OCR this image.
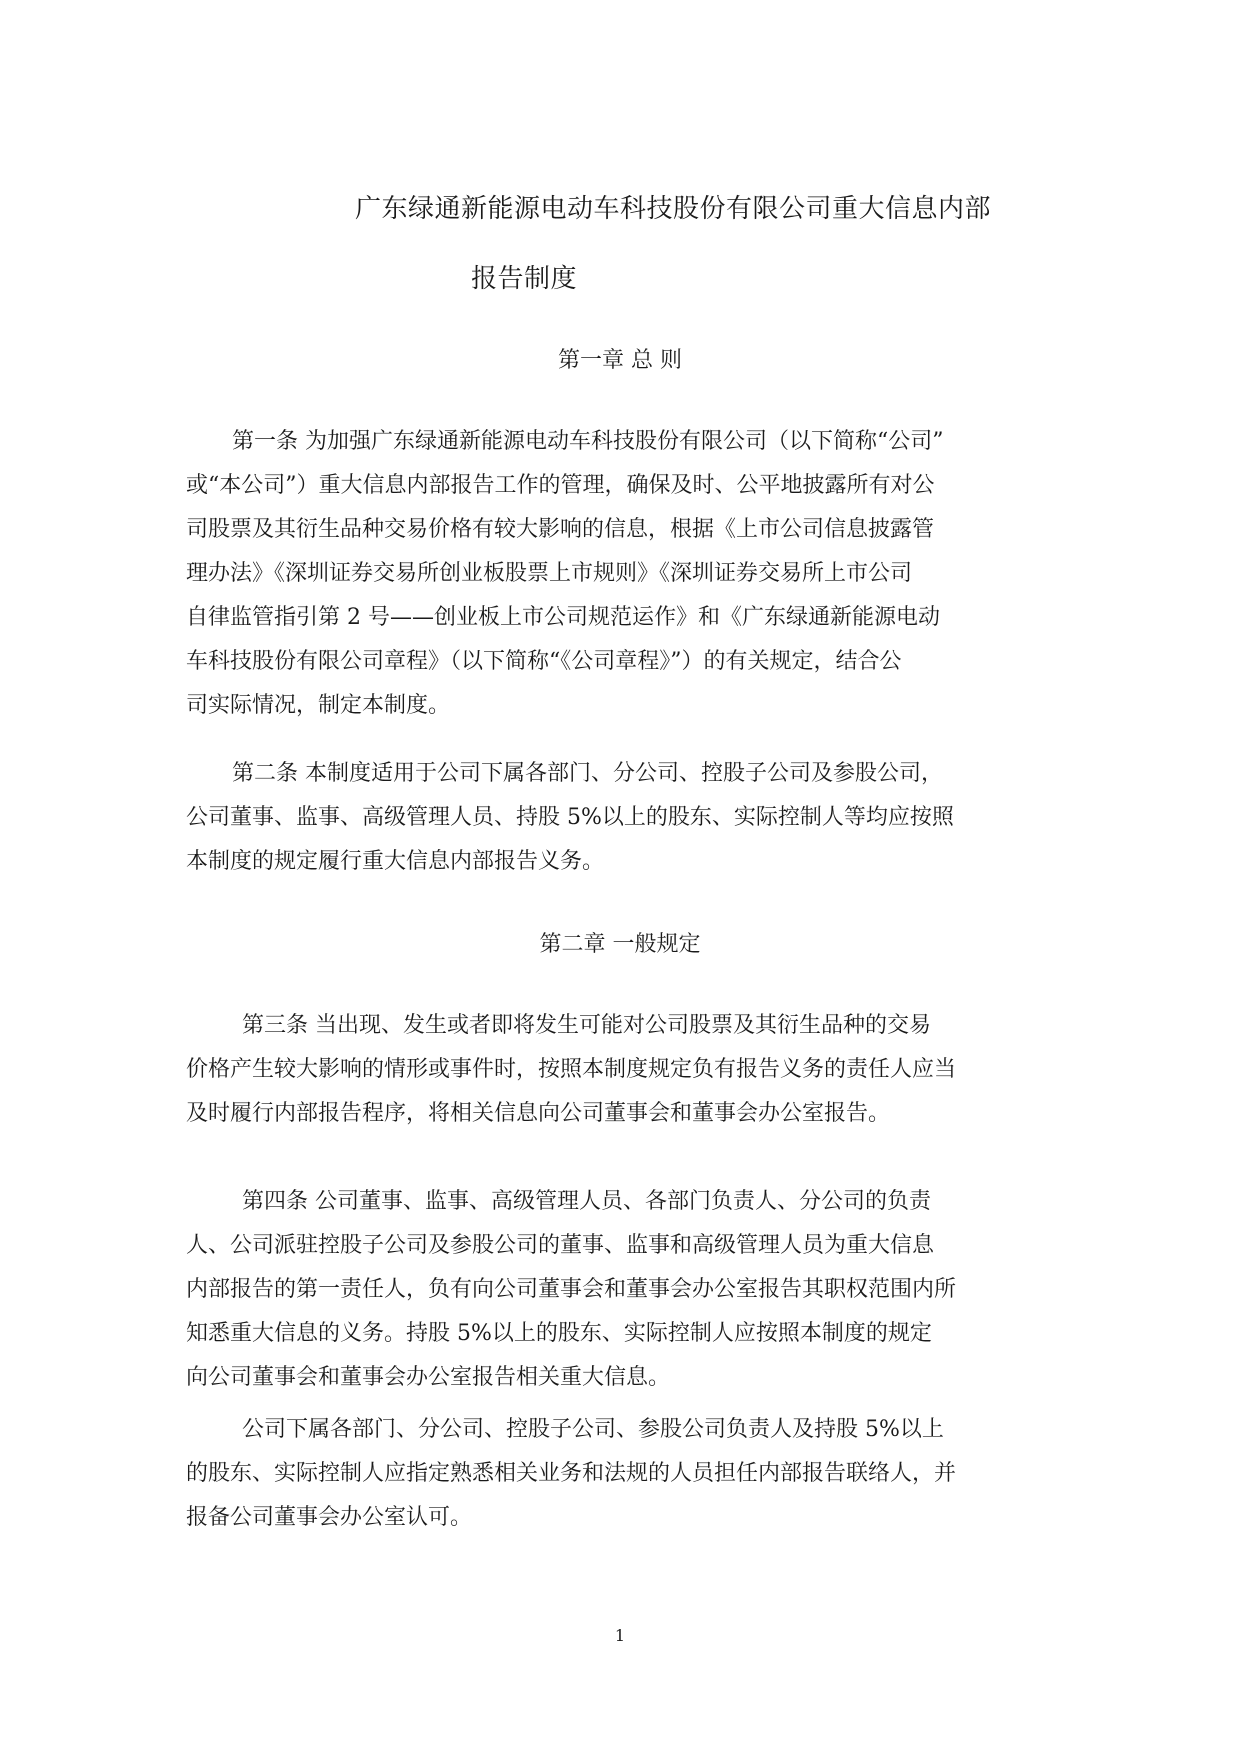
广东绿通新能源电动车科技股份有限公司重大信息内部
报告制度
第一章 总 则
第一条 为加强广东绿通新能源电动车科技股份有限公司（以下简称“公司”
或“本公司”）重大信息内部报告工作的管理，确保及时、公平地披露所有对公
司股票及其衍生品种交易价格有较大影响的信息，根据《上市公司信息披露管
理办法》《深圳证券交易所创业板股票上市规则》《深圳证券交易所上市公司
自律监管指引第 2 号——创业板上市公司规范运作》和《广东绿通新能源电动
车科技股份有限公司章程》（以下简称“《公司章程》”）的有关规定，结合公
司实际情况，制定本制度。
第二条 本制度适用于公司下属各部门、分公司、控股子公司及参股公司，
公司董事、监事、高级管理人员、持股 5%以上的股东、实际控制人等均应按照
本制度的规定履行重大信息内部报告义务。
第二章 一般规定
第三条 当出现、发生或者即将发生可能对公司股票及其衍生品种的交易
价格产生较大影响的情形或事件时，按照本制度规定负有报告义务的责任人应当
及时履行内部报告程序，将相关信息向公司董事会和董事会办公室报告。
第四条 公司董事、监事、高级管理人员、各部门负责人、分公司的负责
人、公司派驻控股子公司及参股公司的董事、监事和高级管理人员为重大信息
内部报告的第一责任人，负有向公司董事会和董事会办公室报告其职权范围内所
知悉重大信息的义务。持股 5%以上的股东、实际控制人应按照本制度的规定
向公司董事会和董事会办公室报告相关重大信息。
公司下属各部门、分公司、控股子公司、参股公司负责人及持股 5%以上
的股东、实际控制人应指定熟悉相关业务和法规的人员担任内部报告联络人，并
报备公司董事会办公室认可。
1
